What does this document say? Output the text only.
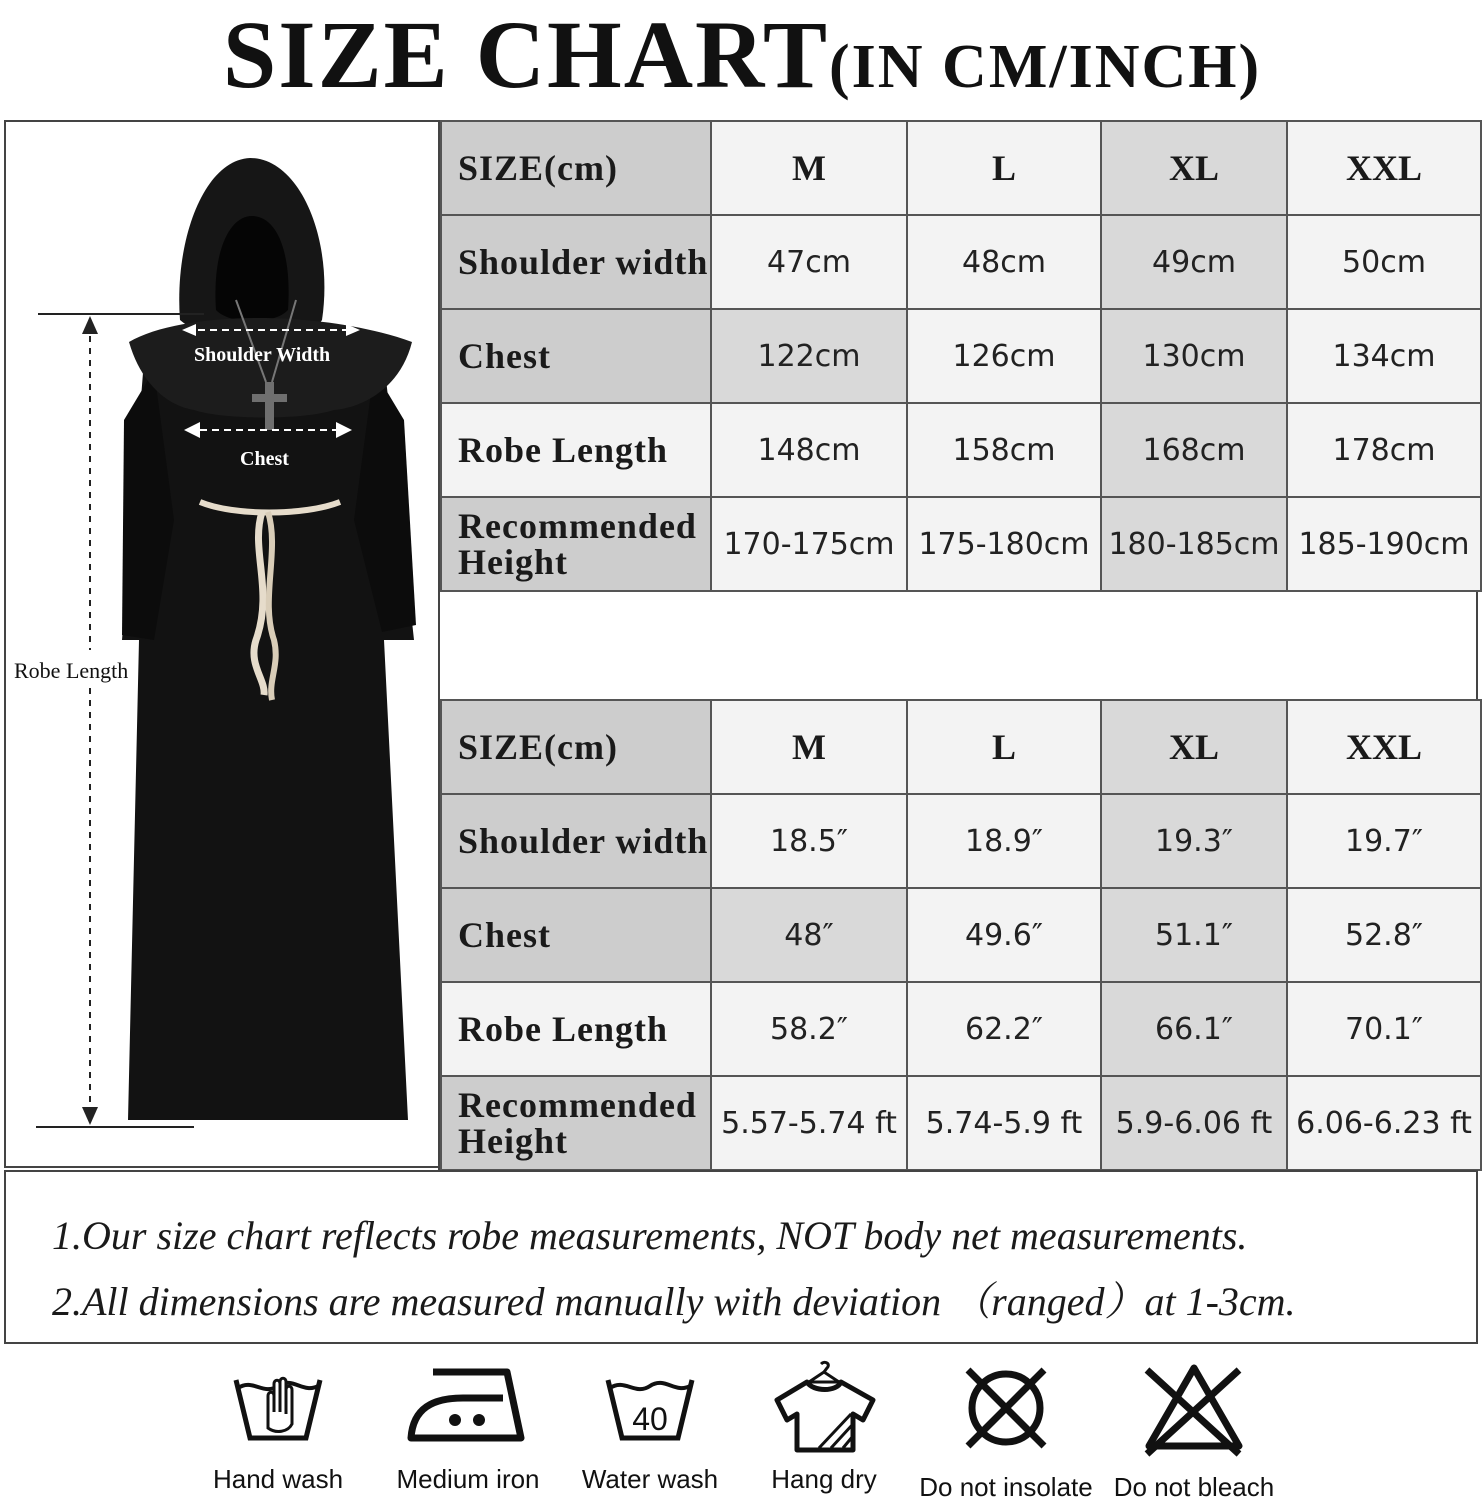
SIZE CHART(IN CM/INCH)
Shoulder Width
Chest
Robe Length
SIZE(cm)	M	L	XL	XXL
Shoulder width	47cm	48cm	49cm	50cm
Chest	122cm	126cm	130cm	134cm
Robe Length	148cm	158cm	168cm	178cm
Recommended Height	170-175cm	175-180cm	180-185cm	185-190cm
SIZE(cm)	M	L	XL	XXL
Shoulder width	18.5″	18.9″	19.3″	19.7″
Chest	48″	49.6″	51.1″	52.8″
Robe Length	58.2″	62.2″	66.1″	70.1″
Recommended Height	5.57-5.74 ft	5.74-5.9 ft	5.9-6.06 ft	6.06-6.23 ft
1.Our size chart reflects robe measurements, NOT body net measurements.
2.All dimensions are measured manually with deviation （ranged）at 1-3cm.
Hand wash	Medium iron
40
Water wash	Hang dry	Do not insolate Do not bleach
